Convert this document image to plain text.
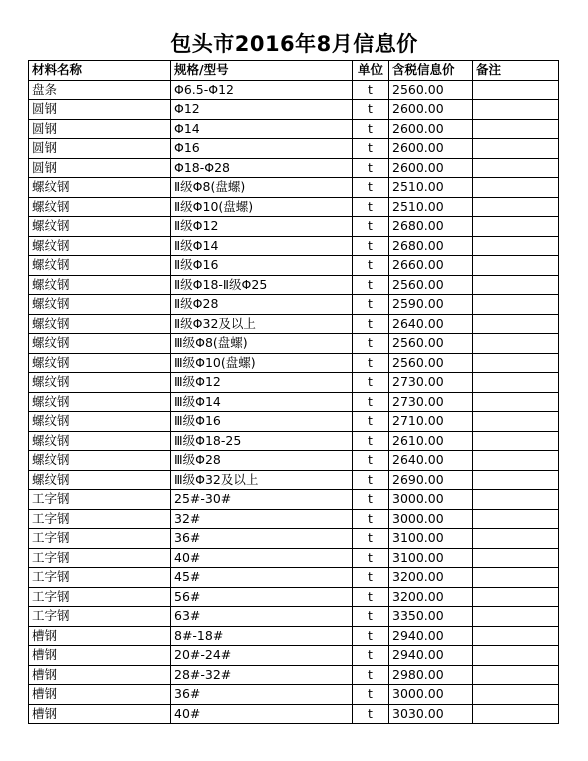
包头市2016年8月信息价
材料名称	规格/型号	单位	含税信息价	备注
盘条	Φ6.5-Φ12	t	2560.00	
圆钢	Φ12	t	2600.00	
圆钢	Φ14	t	2600.00	
圆钢	Φ16	t	2600.00	
圆钢	Φ18-Φ28	t	2600.00	
螺纹钢	Ⅱ级Φ8(盘螺)	t	2510.00	
螺纹钢	Ⅱ级Φ10(盘螺)	t	2510.00	
螺纹钢	Ⅱ级Φ12	t	2680.00	
螺纹钢	Ⅱ级Φ14	t	2680.00	
螺纹钢	Ⅱ级Φ16	t	2660.00	
螺纹钢	Ⅱ级Φ18-Ⅱ级Φ25	t	2560.00	
螺纹钢	Ⅱ级Φ28	t	2590.00	
螺纹钢	Ⅱ级Φ32及以上	t	2640.00	
螺纹钢	Ⅲ级Φ8(盘螺)	t	2560.00	
螺纹钢	Ⅲ级Φ10(盘螺)	t	2560.00	
螺纹钢	Ⅲ级Φ12	t	2730.00	
螺纹钢	Ⅲ级Φ14	t	2730.00	
螺纹钢	Ⅲ级Φ16	t	2710.00	
螺纹钢	Ⅲ级Φ18-25	t	2610.00	
螺纹钢	Ⅲ级Φ28	t	2640.00	
螺纹钢	Ⅲ级Φ32及以上	t	2690.00	
工字钢	25#-30#	t	3000.00	
工字钢	32#	t	3000.00	
工字钢	36#	t	3100.00	
工字钢	40#	t	3100.00	
工字钢	45#	t	3200.00	
工字钢	56#	t	3200.00	
工字钢	63#	t	3350.00	
槽钢	8#-18#	t	2940.00	
槽钢	20#-24#	t	2940.00	
槽钢	28#-32#	t	2980.00	
槽钢	36#	t	3000.00	
槽钢	40#	t	3030.00	
